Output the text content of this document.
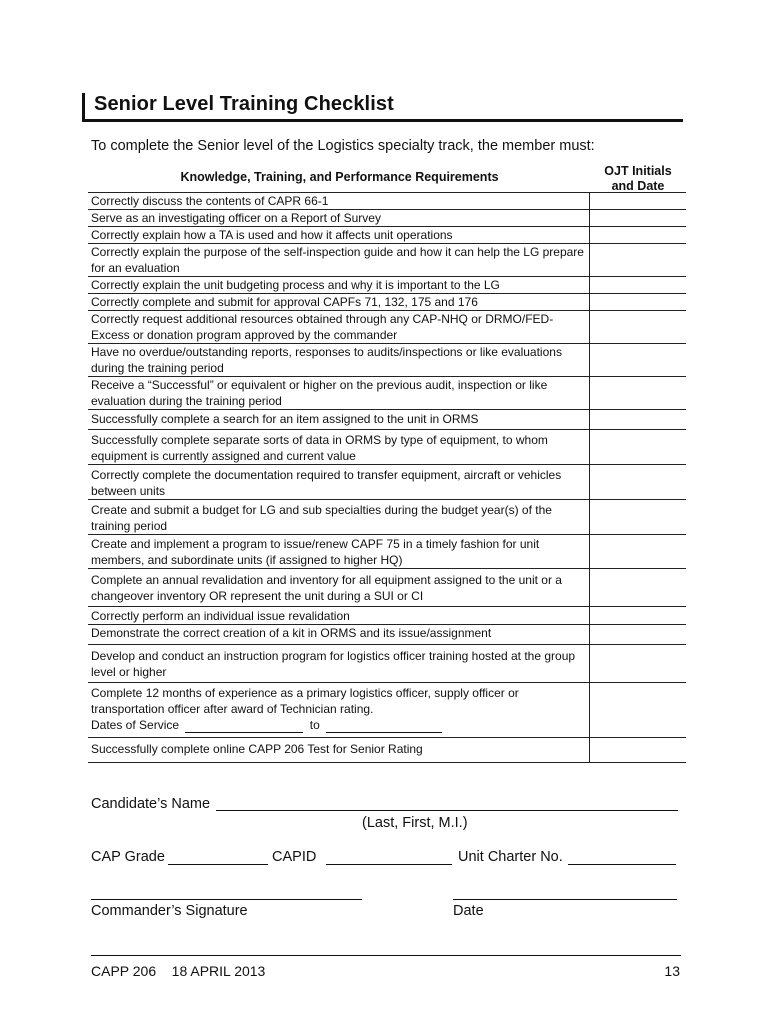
Senior Level Training Checklist
To complete the Senior level of the Logistics specialty track, the member must:
Knowledge, Training, and Performance Requirements	OJT Initials
and Date
Correctly discuss the contents of CAPR 66-1	
Serve as an investigating officer on a Report of Survey	
Correctly explain how a TA is used and how it affects unit operations	
Correctly explain the purpose of the self-inspection guide and how it can help the LG prepare for an evaluation	
Correctly explain the unit budgeting process and why it is important to the LG	
Correctly complete and submit for approval CAPFs 71, 132, 175 and 176	
Correctly request additional resources obtained through any CAP-NHQ or DRMO/FED-Excess or donation program approved by the commander	
Have no overdue/outstanding reports, responses to audits/inspections or like evaluations during the training period	
Receive a “Successful” or equivalent or higher on the previous audit, inspection or like evaluation during the training period	
Successfully complete a search for an item assigned to the unit in ORMS	
Successfully complete separate sorts of data in ORMS by type of equipment, to whom equipment is currently assigned and current value	
Correctly complete the documentation required to transfer equipment, aircraft or vehicles between units	
Create and submit a budget for LG and sub specialties during the budget year(s) of the training period	
Create and implement a program to issue/renew CAPF 75 in a timely fashion for unit members, and subordinate units (if assigned to higher HQ)	
Complete an annual revalidation and inventory for all equipment assigned to the unit or a changeover inventory OR represent the unit during a SUI or CI	
Correctly perform an individual issue revalidation	
Demonstrate the correct creation of a kit in ORMS and its issue/assignment	
Develop and conduct an instruction program for logistics officer training hosted at the group level or higher	

Complete 12 months of experience as a primary logistics officer, supply officer or transportation officer after award of Technician rating.
Dates of Service to	

Successfully complete online CAPP 206 Test for Senior Rating	
Candidate’s Name
(Last, First, M.I.)
CAP Grade	CAPID	Unit Charter No.
Commander’s Signature	Date
CAPP 206    18 APRIL 2013	13
